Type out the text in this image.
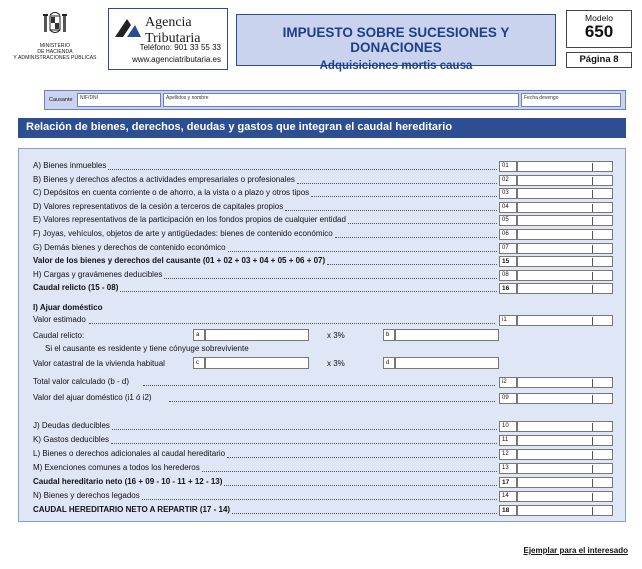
MINISTERIO
DE HACIENDA
Y ADMINISTRACIONES PÚBLICAS
Agencia Tributaria
Teléfono: 901 33 55 33
www.agenciatributaria.es
IMPUESTO SOBRE SUCESIONES Y DONACIONES
Adquisiciones mortis causa
Modelo
650
Página 8
Causante	NIF/DNI	Apellidos y nombre	Fecha devengo
Relación de bienes, derechos, deudas y gastos que integran el caudal hereditario
A) Bienes inmuebles	01
B) Bienes y derechos afectos a actividades empresariales o profesionales	02
C) Depósitos en cuenta corriente o de ahorro, a la vista o a plazo y otros tipos	03
D) Valores representativos de la cesión a terceros de capitales propios	04
E) Valores representativos de la participación en los fondos propios de cualquier entidad	05
F) Joyas, vehículos, objetos de arte y antigüedades: bienes de contenido económico	06
G) Demás bienes y derechos de contenido económico	07
Valor de los bienes y derechos del causante (01 + 02 + 03 + 04 + 05 + 06 + 07)	15
H) Cargas y gravámenes deducibles	08
Caudal relicto (15 - 08)	16
I) Ajuar doméstico
Valor estimado	i1
Caudal relicto:	a	x 3%	b
Si el causante es residente y tiene cónyuge sobreviviente
Valor catastral de la vivienda habitual	c	x 3%	d
Total valor calculado (b - d)	i2
Valor del ajuar doméstico (i1 ó i2)	09
J) Deudas deducibles	10
K) Gastos deducibles	11
L) Bienes o derechos adicionales al caudal hereditario	12
M) Exenciones comunes a todos los herederos	13
Caudal hereditario neto (16 + 09 - 10 - 11 + 12 - 13)	17
N) Bienes y derechos legados	14
CAUDAL HEREDITARIO NETO A REPARTIR (17 - 14)	18
Ejemplar para el interesado
